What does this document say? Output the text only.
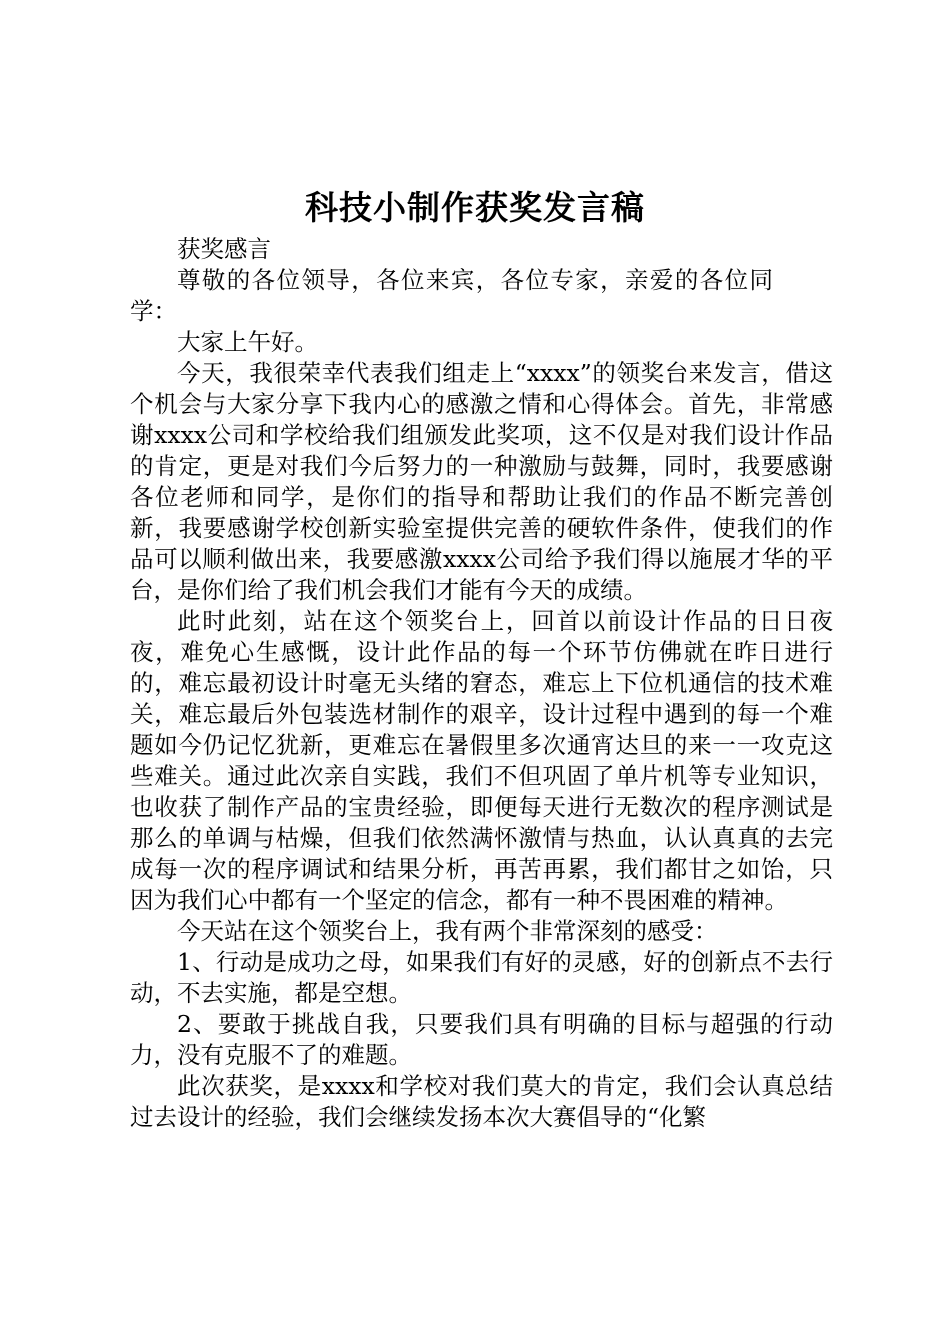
科技小制作获奖发言稿

获奖感言

尊敬的各位领导，各位来宾，各位专家，亲爱的各位同学：

大家上午好。

今天，我很荣幸代表我们组走上“xxxx”的领奖台来发言，借这个机会与大家分享下我内心的感激之情和心得体会。首先，非常感谢xxxx公司和学校给我们组颁发此奖项，这不仅是对我们设计作品的肯定，更是对我们今后努力的一种激励与鼓舞，同时，我要感谢各位老师和同学，是你们的指导和帮助让我们的作品不断完善创新，我要感谢学校创新实验室提供完善的硬软件条件，使我们的作品可以顺利做出来，我要感激xxxx公司给予我们得以施展才华的平台，是你们给了我们机会我们才能有今天的成绩。

此时此刻，站在这个领奖台上，回首以前设计作品的日日夜夜，难免心生感慨，设计此作品的每一个环节仿佛就在昨日进行的，难忘最初设计时毫无头绪的窘态，难忘上下位机通信的技术难关，难忘最后外包装选材制作的艰辛，设计过程中遇到的每一个难题如今仍记忆犹新，更难忘在暑假里多次通宵达旦的来一一攻克这些难关。通过此次亲自实践，我们不但巩固了单片机等专业知识，也收获了制作产品的宝贵经验，即便每天进行无数次的程序测试是那么的单调与枯燥，但我们依然满怀激情与热血，认认真真的去完成每一次的程序调试和结果分析，再苦再累，我们都甘之如饴，只因为我们心中都有一个坚定的信念，都有一种不畏困难的精神。

今天站在这个领奖台上，我有两个非常深刻的感受：

1、行动是成功之母，如果我们有好的灵感，好的创新点不去行动，不去实施，都是空想。

2、要敢于挑战自我，只要我们具有明确的目标与超强的行动力，没有克服不了的难题。

此次获奖，是xxxx和学校对我们莫大的肯定，我们会认真总结过去设计的经验，我们会继续发扬本次大赛倡导的“化繁
